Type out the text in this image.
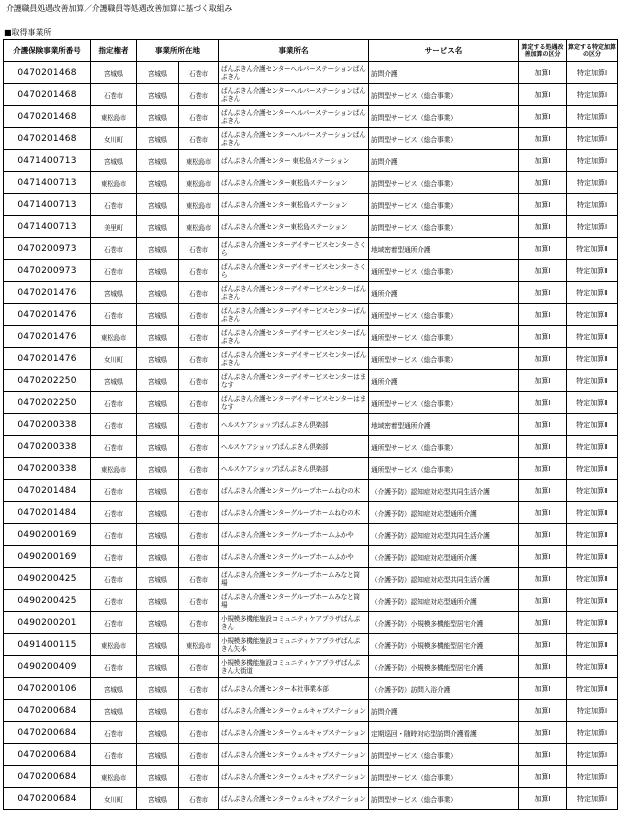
介護職員処遇改善加算／介護職員等処遇改善加算に基づく取組み
■取得事業所
介護保険事業所番号	指定権者	事業所所在地		事業所名	サービス名	算定する処遇改善加算の区分	算定する特定加算の区分
0470201468	宮城県	宮城県	石巻市	ぱんぷきん介護センターヘルパーステーションぱんぷきん	訪問介護	加算Ⅰ	特定加算Ⅰ
0470201468	石巻市	宮城県	石巻市	ぱんぷきん介護センターヘルパーステーションぱんぷきん	訪問型サービス（総合事業）	加算Ⅰ	特定加算Ⅰ
0470201468	東松島市	宮城県	石巻市	ぱんぷきん介護センターヘルパーステーションぱんぷきん	訪問型サービス（総合事業）	加算Ⅰ	特定加算Ⅰ
0470201468	女川町	宮城県	石巻市	ぱんぷきん介護センターヘルパーステーションぱんぷきん	訪問型サービス（総合事業）	加算Ⅰ	特定加算Ⅰ
0471400713	宮城県	宮城県	東松島市	ぱんぷきん介護センター 東松島ステーション	訪問介護	加算Ⅰ	特定加算Ⅰ
0471400713	東松島市	宮城県	東松島市	ぱんぷきん介護センター東松島ステーション	訪問型サービス（総合事業）	加算Ⅰ	特定加算Ⅰ
0471400713	石巻市	宮城県	東松島市	ぱんぷきん介護センター東松島ステーション	訪問型サービス（総合事業）	加算Ⅰ	特定加算Ⅰ
0471400713	美里町	宮城県	東松島市	ぱんぷきん介護センター東松島ステーション	訪問型サービス（総合事業）	加算Ⅰ	特定加算Ⅰ
0470200973	石巻市	宮城県	石巻市	ぱんぷきん介護センターデイサービスセンターさくら	地域密着型通所介護	加算Ⅰ	特定加算Ⅱ
0470200973	石巻市	宮城県	石巻市	ぱんぷきん介護センターデイサービスセンターさくら	通所型サービス（総合事業）	加算Ⅰ	特定加算Ⅱ
0470201476	宮城県	宮城県	石巻市	ぱんぷきん介護センターデイサービスセンターぱんぷきん	通所介護	加算Ⅰ	特定加算Ⅱ
0470201476	石巻市	宮城県	石巻市	ぱんぷきん介護センターデイサービスセンターぱんぷきん	通所型サービス（総合事業）	加算Ⅰ	特定加算Ⅱ
0470201476	東松島市	宮城県	石巻市	ぱんぷきん介護センターデイサービスセンターぱんぷきん	通所型サービス（総合事業）	加算Ⅰ	特定加算Ⅱ
0470201476	女川町	宮城県	石巻市	ぱんぷきん介護センターデイサービスセンターぱんぷきん	通所型サービス（総合事業）	加算Ⅰ	特定加算Ⅱ
0470202250	宮城県	宮城県	石巻市	ぱんぷきん介護センターデイサービスセンターはまなす	通所介護	加算Ⅰ	特定加算Ⅱ
0470202250	石巻市	宮城県	石巻市	ぱんぷきん介護センターデイサービスセンターはまなす	通所型サービス（総合事業）	加算Ⅰ	特定加算Ⅱ
0470200338	石巻市	宮城県	石巻市	ヘルスケアショップぱんぷきん倶楽部	地域密着型通所介護	加算Ⅰ	特定加算Ⅱ
0470200338	石巻市	宮城県	石巻市	ヘルスケアショップぱんぷきん倶楽部	通所型サービス（総合事業）	加算Ⅰ	特定加算Ⅱ
0470200338	東松島市	宮城県	石巻市	ヘルスケアショップぱんぷきん倶楽部	通所型サービス（総合事業）	加算Ⅰ	特定加算Ⅱ
0470201484	石巻市	宮城県	石巻市	ぱんぷきん介護センターグループホームねむの木	（介護予防）認知症対応型共同生活介護	加算Ⅰ	特定加算Ⅱ
0470201484	石巻市	宮城県	石巻市	ぱんぷきん介護センターグループホームねむの木	（介護予防）認知症対応型通所介護	加算Ⅰ	特定加算Ⅱ
0490200169	石巻市	宮城県	石巻市	ぱんぷきん介護センターグループホームふかや	（介護予防）認知症対応型共同生活介護	加算Ⅰ	特定加算Ⅱ
0490200169	石巻市	宮城県	石巻市	ぱんぷきん介護センターグループホームふかや	（介護予防）認知症対応型通所介護	加算Ⅰ	特定加算Ⅱ
0490200425	石巻市	宮城県	石巻市	ぱんぷきん介護センターグループホームみなと筒場	（介護予防）認知症対応型共同生活介護	加算Ⅰ	特定加算Ⅱ
0490200425	石巻市	宮城県	石巻市	ぱんぷきん介護センターグループホームみなと筒場	（介護予防）認知症対応型通所介護	加算Ⅰ	特定加算Ⅱ
0490200201	石巻市	宮城県	石巻市	小規模多機能施設コミュニティケアプラザぱんぷきん	（介護予防）小規模多機能型居宅介護	加算Ⅰ	特定加算Ⅱ
0491400115	東松島市	宮城県	東松島市	小規模多機能施設コミュニティケアプラザぱんぷきん矢本	（介護予防）小規模多機能型居宅介護	加算Ⅰ	特定加算Ⅱ
0490200409	石巻市	宮城県	石巻市	小規模多機能施設コミュニティケアプラザぱんぷきん大街道	（介護予防）小規模多機能型居宅介護	加算Ⅰ	特定加算Ⅱ
0470200106	宮城県	宮城県	石巻市	ぱんぷきん介護センター本社事業本部	（介護予防）訪問入浴介護	加算Ⅰ	特定加算Ⅱ
0470200684	宮城県	宮城県	石巻市	ぱんぷきん介護センターウェルキャブステーション	訪問介護	加算Ⅰ	特定加算Ⅰ
0470200684	石巻市	宮城県	石巻市	ぱんぷきん介護センターウェルキャブステーション	定期巡回・随時対応型訪問介護看護	加算Ⅰ	特定加算Ⅰ
0470200684	石巻市	宮城県	石巻市	ぱんぷきん介護センターウェルキャブステーション	訪問型サービス（総合事業）	加算Ⅰ	特定加算Ⅰ
0470200684	東松島市	宮城県	石巻市	ぱんぷきん介護センターウェルキャブステーション	訪問型サービス（総合事業）	加算Ⅰ	特定加算Ⅰ
0470200684	女川町	宮城県	石巻市	ぱんぷきん介護センターウェルキャブステーション	訪問型サービス（総合事業）	加算Ⅰ	特定加算Ⅰ
